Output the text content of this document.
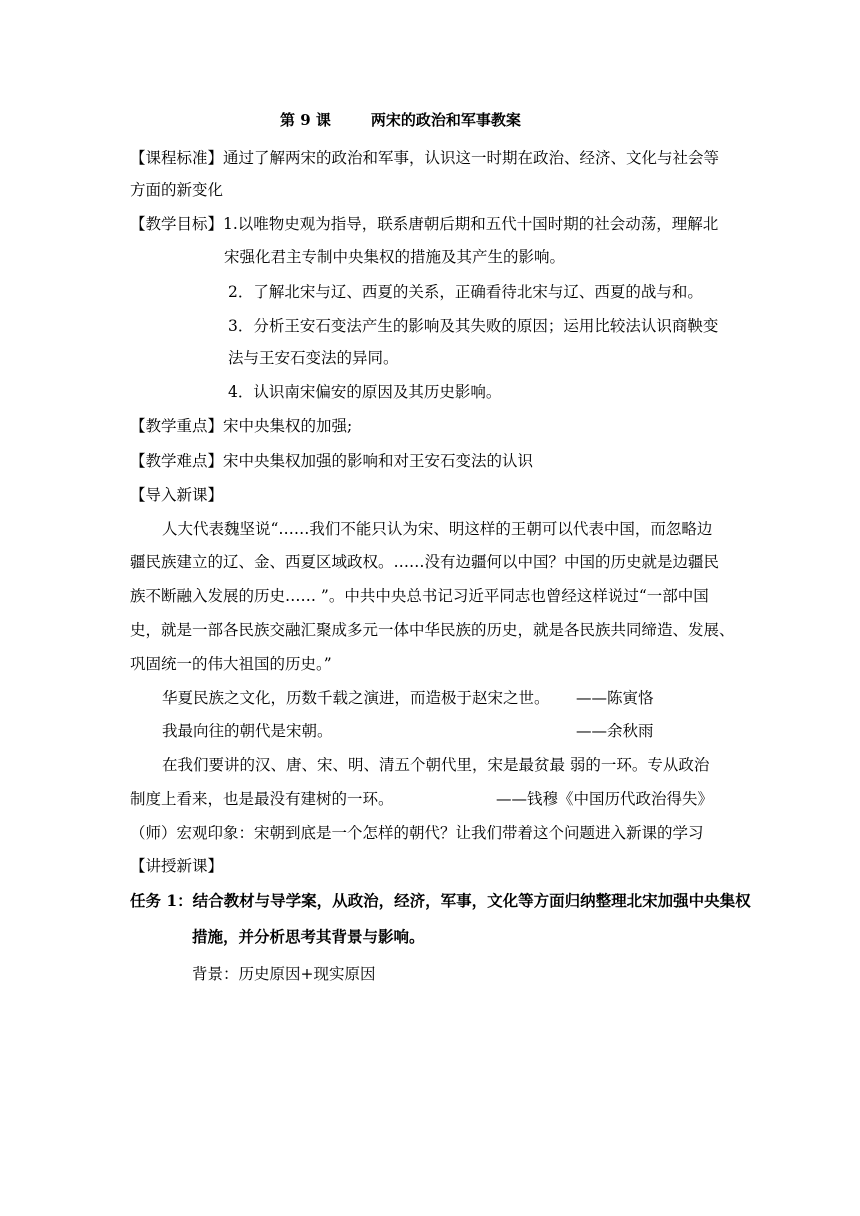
第 9 课	两宋的政治和军事教案
【课程标准】通过了解两宋的政治和军事，认识这一时期在政治、经济、文化与社会等
方面的新变化
【教学目标】1.以唯物史观为指导，联系唐朝后期和五代十国时期的社会动荡，理解北
宋强化君主专制中央集权的措施及其产生的影响。
2．了解北宋与辽、西夏的关系，正确看待北宋与辽、西夏的战与和。
3．分析王安石变法产生的影响及其失败的原因；运用比较法认识商鞅变
法与王安石变法的异同。
4．认识南宋偏安的原因及其历史影响。
【教学重点】宋中央集权的加强;
【教学难点】宋中央集权加强的影响和对王安石变法的认识
【导入新课】
人大代表魏坚说“……我们不能只认为宋、明这样的王朝可以代表中国，而忽略边
疆民族建立的辽、金、西夏区域政权。……没有边疆何以中国？中国的历史就是边疆民
族不断融入发展的历史…… ”。中共中央总书记习近平同志也曾经这样说过“一部中国
史，就是一部各民族交融汇聚成多元一体中华民族的历史，就是各民族共同缔造、发展、
巩固统一的伟大祖国的历史。”
华夏民族之文化，历数千载之演进，而造极于赵宋之世。 ——陈寅恪
我最向往的朝代是宋朝。	——余秋雨
在我们要讲的汉、唐、宋、明、清五个朝代里，宋是最贫最 弱的一环。专从政治
制度上看来，也是最没有建树的一环。	——钱穆《中国历代政治得失》
（师）宏观印象：宋朝到底是一个怎样的朝代？让我们带着这个问题进入新课的学习
【讲授新课】
任务 1：结合教材与导学案，从政治，经济，军事，文化等方面归纳整理北宋加强中央集权
措施，并分析思考其背景与影响。
背景：历史原因+现实原因
